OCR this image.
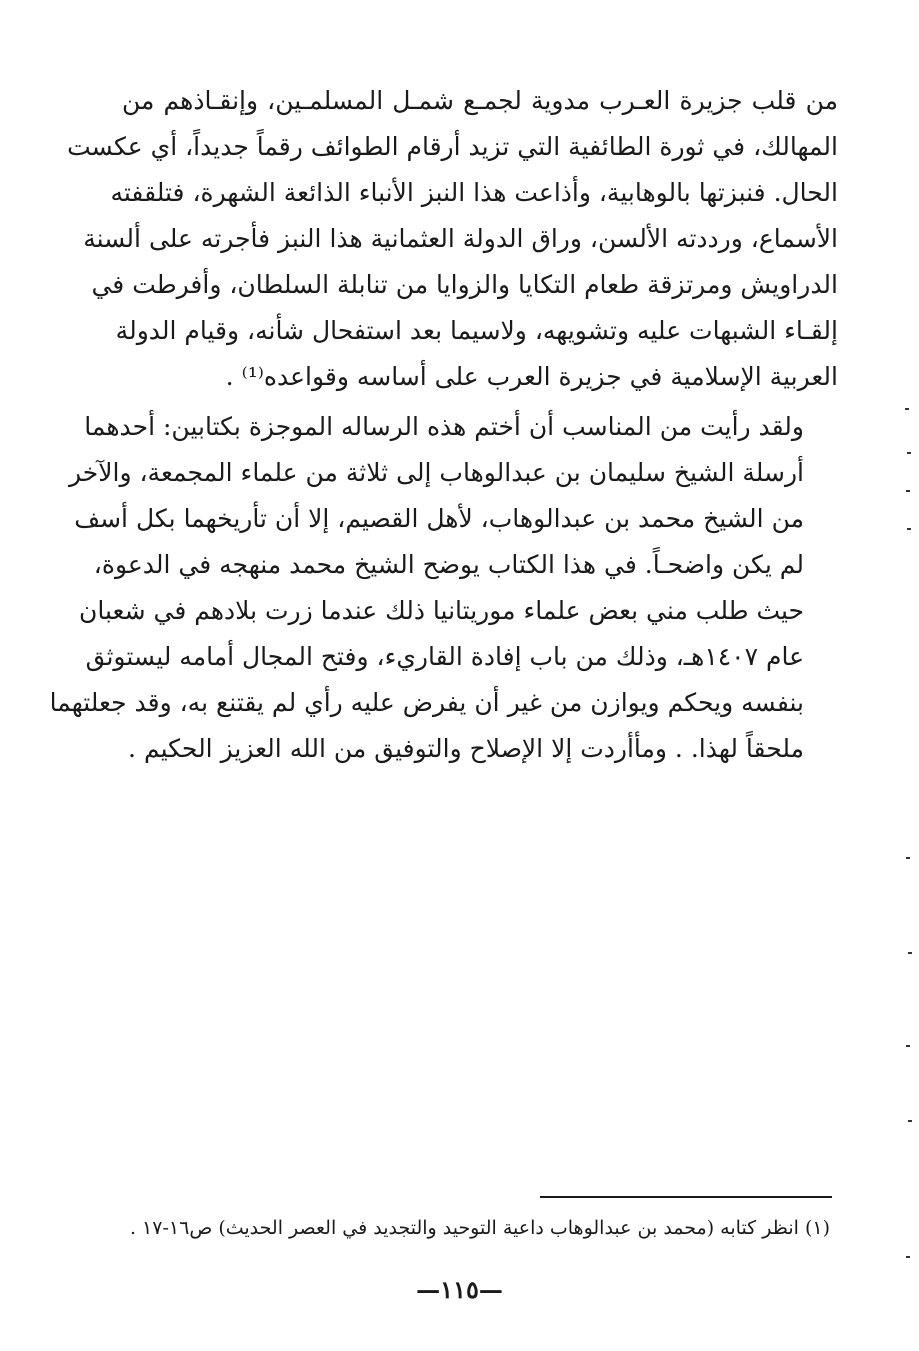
من قلب جزيرة العـرب مدوية لجمـع شمـل المسلمـين، وإنقـاذهم من
المهالك، في ثورة الطائفية التي تزيد أرقام الطوائف رقماً جديداً، أي عكست
الحال. فنبزتها بالوهابية، وأذاعت هذا النبز الأنباء الذائعة الشهرة، فتلقفته
الأسماع، ورددته الألسن، وراق الدولة العثمانية هذا النبز فأجرته على ألسنة
الدراويش ومرتزقة طعام التكايا والزوايا من تنابلة السلطان، وأفرطت في
إلقـاء الشبهات عليه وتشويهه، ولاسيما بعد استفحال شأنه، وقيام الدولة
العربية الإسلامية في جزيرة العرب على أساسه وقواعده⁽¹⁾ .
ولقد رأيت من المناسب أن أختم هذه الرساله الموجزة بكتابين: أحدهما
أرسلة الشيخ سليمان بن عبدالوهاب إلى ثلاثة من علماء المجمعة، والآخر
من الشيخ محمد بن عبدالوهاب، لأهل القصيم، إلا أن تأريخهما بكل أسف
لم يكن واضحـاً. في هذا الكتاب يوضح الشيخ محمد منهجه في الدعوة،
حيث طلب مني بعض علماء موريتانيا ذلك عندما زرت بلادهم في شعبان
عام ١٤٠٧هـ، وذلك من باب إفادة القاريء، وفتح المجال أمامه ليستوثق
بنفسه ويحكم ويوازن من غير أن يفرض عليه رأي لم يقتنع به، وقد جعلتهما
ملحقاً لهذا. . ومأأردت إلا الإصلاح والتوفيق من الله العزيز الحكيم .
(١) انظر كتابه (محمد بن عبدالوهاب داعية التوحيد والتجديد في العصر الحديث) ص١٦-١٧ .
—١١٥—
